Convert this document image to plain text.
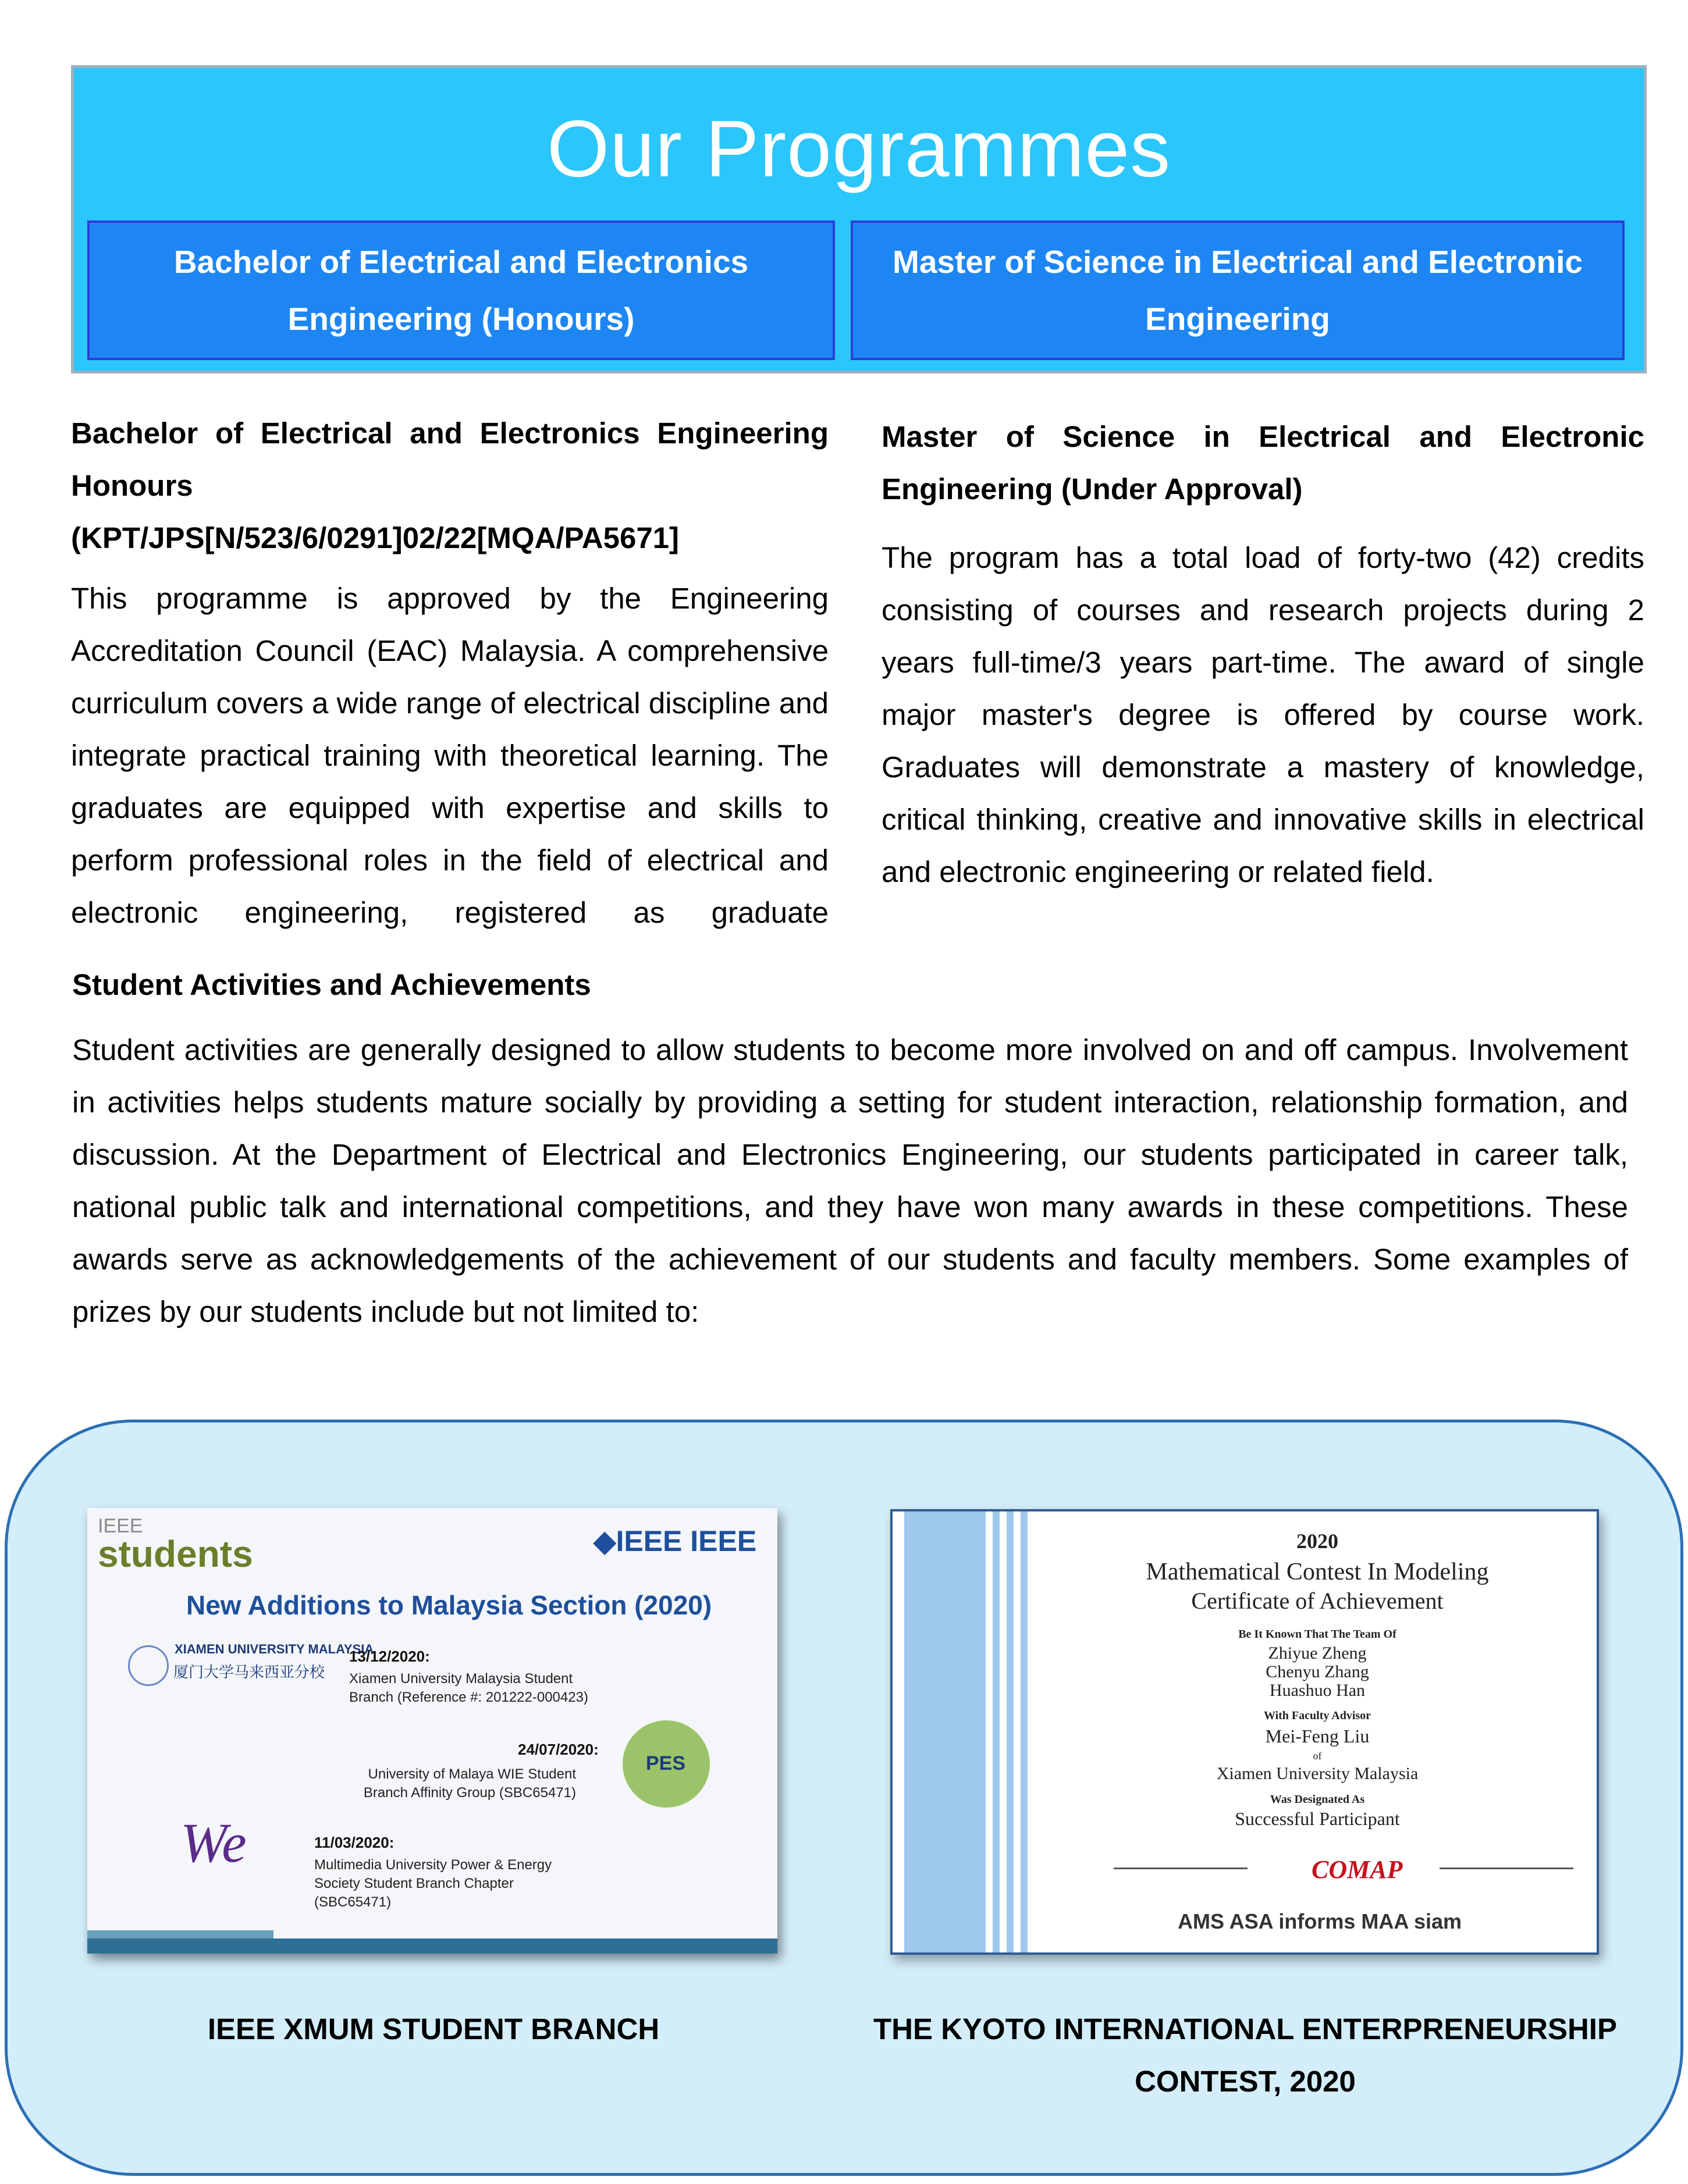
Our Programmes
Bachelor of Electrical and Electronics Engineering (Honours)
Master of Science in Electrical and Electronic Engineering
Bachelor of Electrical and Electronics Engineering Honours
(KPT/JPS[N/523/6/0291]02/22[MQA/PA5671]
This programme is approved by the Engineering Accreditation Council (EAC) Malaysia. A comprehensive curriculum covers a wide range of electrical discipline and integrate practical training with theoretical learning. The graduates are equipped with expertise and skills to perform professional roles in the field of electrical and electronic engineering, registered as graduate
Master of Science in Electrical and Electronic Engineering (Under Approval)
The program has a total load of forty-two (42) credits consisting of courses and research projects during 2 years full-time/3 years part-time. The award of single major master's degree is offered by course work. Graduates will demonstrate a mastery of knowledge, critical thinking, creative and innovative skills in electrical and electronic engineering or related field.
Student Activities and Achievements
Student activities are generally designed to allow students to become more involved on and off campus. Involvement in activities helps students mature socially by providing a setting for student interaction, relationship formation, and discussion. At the Department of Electrical and Electronics Engineering, our students participated in career talk, national public talk and international competitions, and they have won many awards in these competitions. These awards serve as acknowledgements of the achievement of our students and faculty members. Some examples of prizes by our students include but not limited to:
IEEE
students	◆IEEE IEEE
New Additions to Malaysia Section (2020)
XIAMEN UNIVERSITY MALAYSIA
厦门大学马来西亚分校
13/12/2020:
Xiamen University Malaysia Student Branch (Reference #: 201222-000423)
24/07/2020:
University of Malaya WIE Student Branch Affinity Group (SBC65471)
PES
We	11/03/2020:
Multimedia University Power & Energy Society Student Branch Chapter (SBC65471)
2020
Mathematical Contest In Modeling
Certificate of Achievement
Be It Known That The Team Of
Zhiyue Zheng
Chenyu Zhang
Huashuo Han
With Faculty Advisor
Mei-Feng Liu
of
Xiamen University Malaysia
Was Designated As
Successful Participant
COMAP
AMS ASA informs MAA siam
IEEE XMUM STUDENT BRANCH	THE KYOTO INTERNATIONAL ENTERPRENEURSHIP
CONTEST, 2020
